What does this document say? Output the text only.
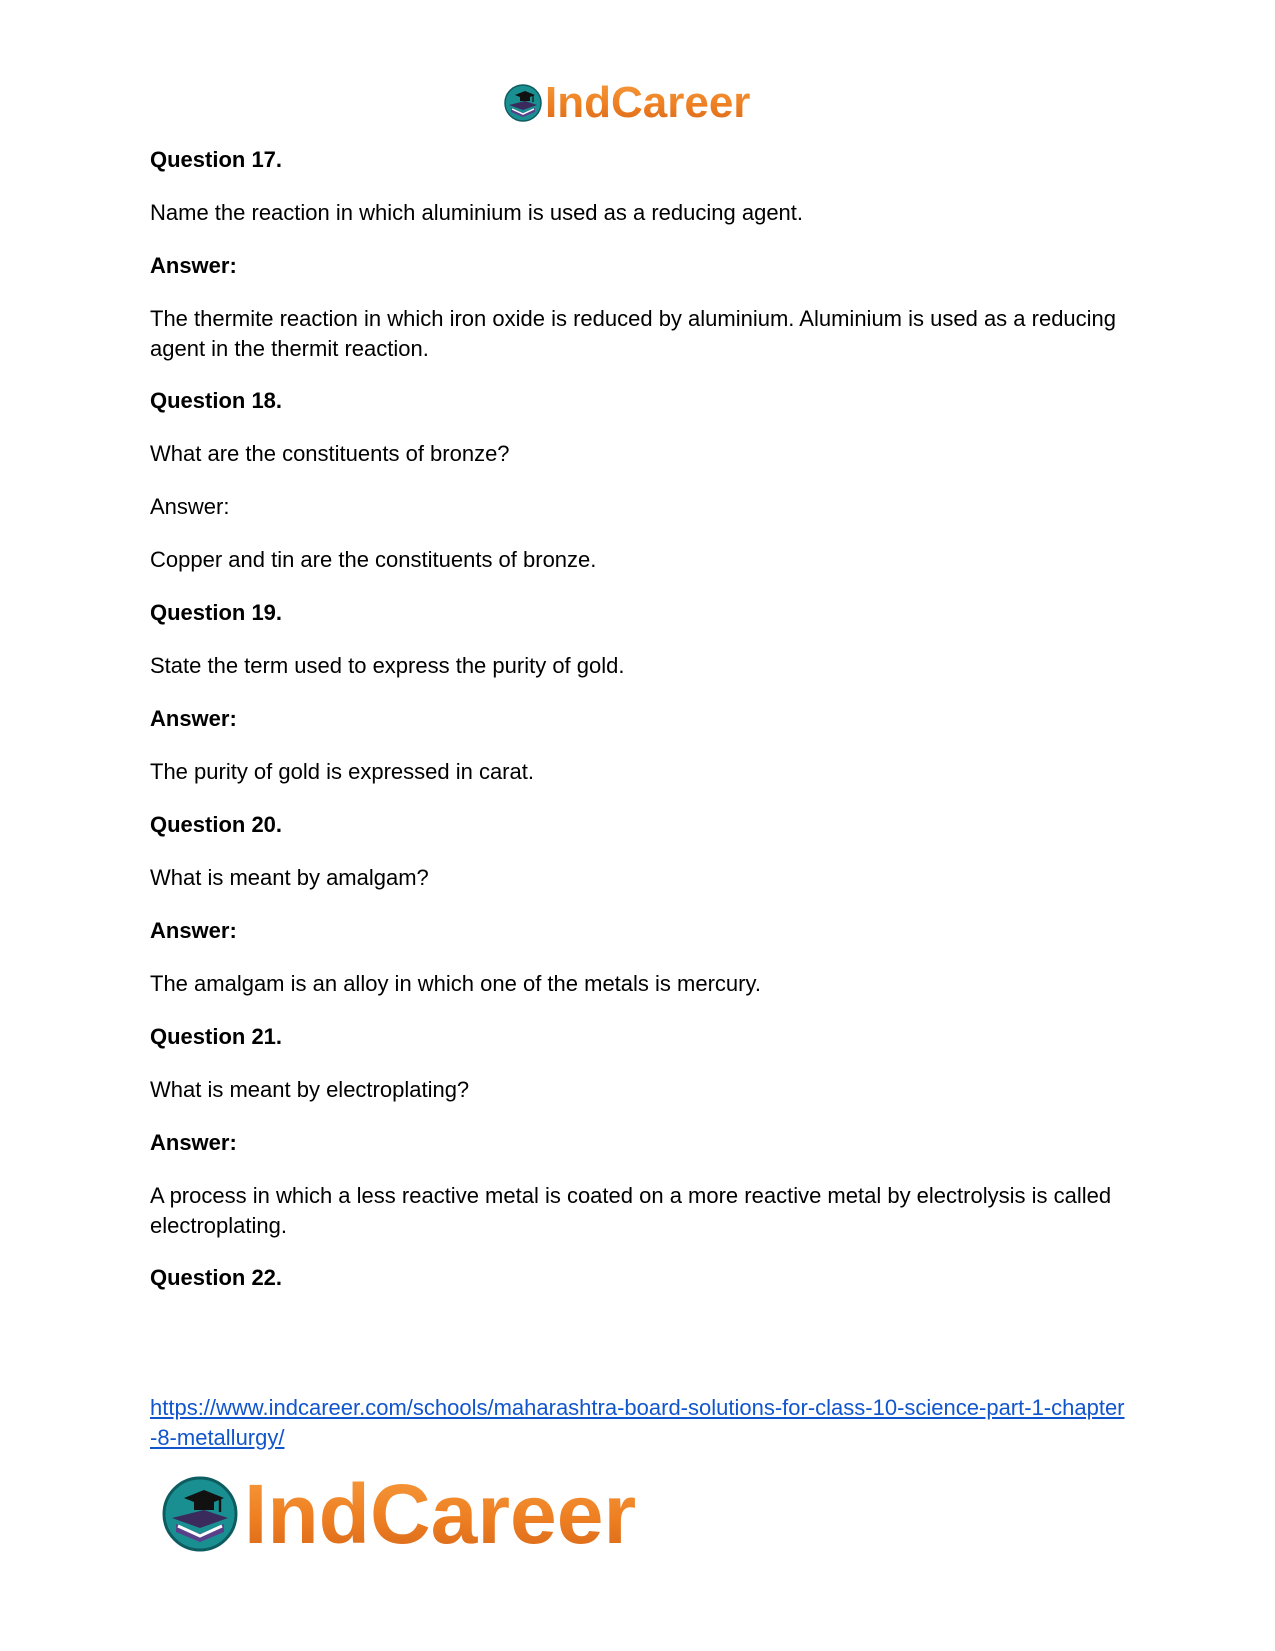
IndCareer

Question 17.

Name the reaction in which aluminium is used as a reducing agent.

Answer:

The thermite reaction in which iron oxide is reduced by aluminium. Aluminium is used as a reducing agent in the thermit reaction.

Question 18.

What are the constituents of bronze?

Answer:

Copper and tin are the constituents of bronze.

Question 19.

State the term used to express the purity of gold.

Answer:

The purity of gold is expressed in carat.

Question 20.

What is meant by amalgam?

Answer:

The amalgam is an alloy in which one of the metals is mercury.

Question 21.

What is meant by electroplating?

Answer:

A process in which a less reactive metal is coated on a more reactive metal by electrolysis is called electroplating.

Question 22.

https://www.indcareer.com/schools/maharashtra-board-solutions-for-class-10-science-part-1-chapter-8-metallurgy/
IndCareer
